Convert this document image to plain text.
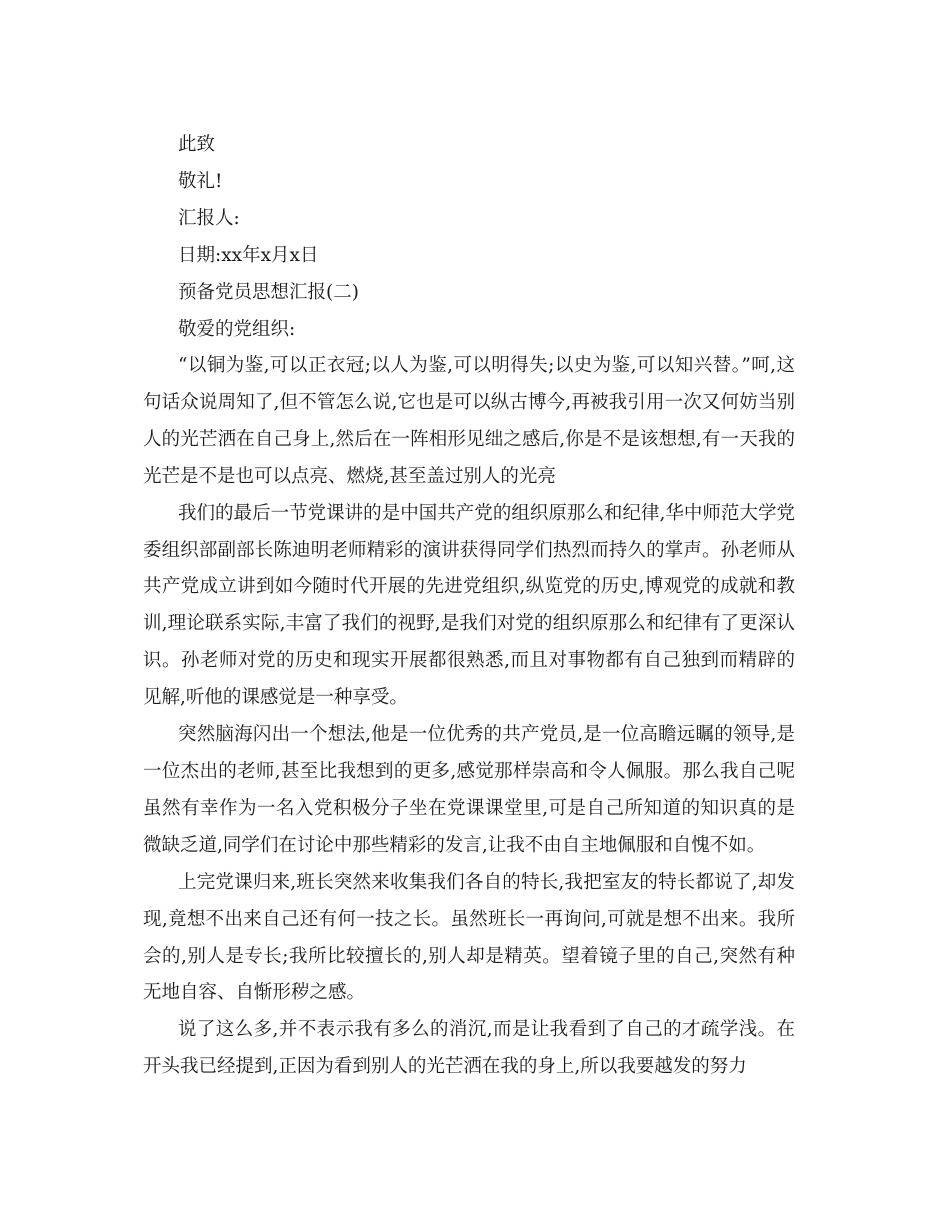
此致
敬礼!
汇报人:
日期:xx年x月x日
预备党员思想汇报(二)
敬爱的党组织:

“以铜为鉴,可以正衣冠;以人为鉴,可以明得失;以史为鉴,可以知兴替。”呵,这句话众说周知了,但不管怎么说,它也是可以纵古博今,再被我引用一次又何妨当别人的光芒洒在自己身上,然后在一阵相形见绌之感后,你是不是该想想,有一天我的光芒是不是也可以点亮、燃烧,甚至盖过别人的光亮

我们的最后一节党课讲的是中国共产党的组织原那么和纪律,华中师范大学党委组织部副部长陈迪明老师精彩的演讲获得同学们热烈而持久的掌声。孙老师从共产党成立讲到如今随时代开展的先进党组织,纵览党的历史,博观党的成就和教训,理论联系实际,丰富了我们的视野,是我们对党的组织原那么和纪律有了更深认识。孙老师对党的历史和现实开展都很熟悉,而且对事物都有自己独到而精辟的见解,听他的课感觉是一种享受。

突然脑海闪出一个想法,他是一位优秀的共产党员,是一位高瞻远瞩的领导,是一位杰出的老师,甚至比我想到的更多,感觉那样崇高和令人佩服。那么我自己呢虽然有幸作为一名入党积极分子坐在党课课堂里,可是自己所知道的知识真的是微缺乏道,同学们在讨论中那些精彩的发言,让我不由自主地佩服和自愧不如。

上完党课归来,班长突然来收集我们各自的特长,我把室友的特长都说了,却发现,竟想不出来自己还有何一技之长。虽然班长一再询问,可就是想不出来。我所会的,别人是专长;我所比较擅长的,别人却是精英。望着镜子里的自己,突然有种无地自容、自惭形秽之感。

说了这么多,并不表示我有多么的消沉,而是让我看到了自己的才疏学浅。在开头我已经提到,正因为看到别人的光芒洒在我的身上,所以我要越发的努力
